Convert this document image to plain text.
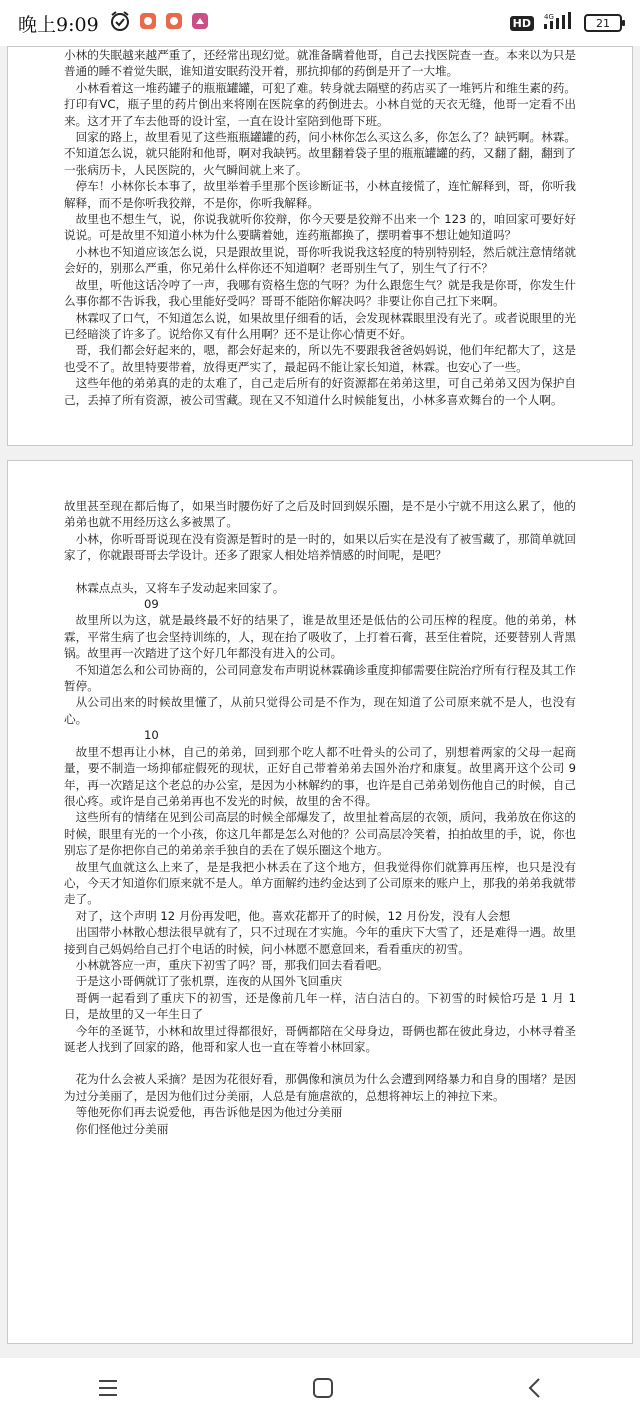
晚上9:09	HD	4G	21

小林的失眠越来越严重了，还经常出现幻觉。就准备瞒着他哥，自己去找医院查一查。本来以为只是普通的睡不着觉失眠，谁知道安眠药没开着，那抗抑郁的药倒是开了一大堆。

小林看着这一堆药罐子的瓶瓶罐罐，可犯了难。转身就去隔壁的药店买了一堆钙片和维生素的药。打印有VC，瓶子里的药片倒出来将刚在医院拿的药倒进去。小林自觉的天衣无缝，他哥一定看不出来。这才开了车去他哥的设计室，一直在设计室陪到他哥下班。

回家的路上，故里看见了这些瓶瓶罐罐的药，问小林你怎么买这么多，你怎么了？缺钙啊。林霖。不知道怎么说，就只能附和他哥，啊对我缺钙。故里翻着袋子里的瓶瓶罐罐的药，又翻了翻，翻到了一张病历卡，人民医院的，火气瞬间就上来了。

停车！小林你长本事了，故里举着手里那个医诊断证书，小林直接慌了，连忙解释到，哥，你听我解释，而不是你听我狡辩，不是你，你听我解释。

故里也不想生气，说，你说我就听你狡辩，你今天要是狡辩不出来一个 123 的，咱回家可要好好说说。可是故里不知道小林为什么要瞒着她，连药瓶都换了，摆明着事不想让她知道吗？

小林也不知道应该怎么说，只是跟故里说，哥你听我说我这轻度的特别特别轻，然后就注意情绪就会好的，别那么严重，你兄弟什么样你还不知道啊？老哥别生气了，别生气了行不？

故里，听他这话冷哼了一声，我哪有资格生您的气呀？为什么跟您生气？就是我是你哥，你发生什么事你都不告诉我，我心里能好受吗？哥哥不能陪你解决吗？非要让你自己扛下来啊。

林霖叹了口气，不知道怎么说，如果故里仔细看的话，会发现林霖眼里没有光了。或者说眼里的光已经暗淡了许多了。说给你又有什么用啊？还不是让你心情更不好。

哥，我们都会好起来的，嗯，都会好起来的，所以先不要跟我爸爸妈妈说，他们年纪都大了，这是也受不了。故里特要带着，放得更严实了，最起码不能让家长知道，林霖。也安心了一些。

这些年他的弟弟真的走的太难了，自己走后所有的好资源都在弟弟这里，可自己弟弟又因为保护自己，丢掉了所有资源，被公司雪藏。现在又不知道什么时候能复出，小林多喜欢舞台的一个人啊。

故里甚至现在都后悔了，如果当时腰伤好了之后及时回到娱乐圈，是不是小宁就不用这么累了，他的弟弟也就不用经历这么多被黑了。

小林，你听哥哥说现在没有资源是暂时的是一时的，如果以后实在是没有了被雪藏了，那简单就回家了，你就跟哥哥去学设计。还多了跟家人相处培养情感的时间呢，是吧？

林霖点点头，又将车子发动起来回家了。

09

故里所以为这，就是最终最不好的结果了，谁是故里还是低估的公司压榨的程度。他的弟弟，林霖，平常生病了也会坚持训练的，人，现在抬了吸收了，上打着石膏，甚至住着院，还要替别人背黑锅。故里再一次踏进了这个好几年都没有进入的公司。

不知道怎么和公司协商的，公司同意发布声明说林霖确诊重度抑郁需要住院治疗所有行程及其工作暂停。

从公司出来的时候故里懂了，从前只觉得公司是不作为，现在知道了公司原来就不是人，也没有心。

10

故里不想再让小林，自己的弟弟，回到那个吃人都不吐骨头的公司了，别想着两家的父母一起商量，要不制造一场抑郁症假死的现状，正好自己带着弟弟去国外治疗和康复。故里离开这个公司 9 年，再一次踏足这个老总的办公室，是因为小林解约的事，也许是自己弟弟划伤他自己的时候，自己很心疼。或许是自己弟弟再也不发光的时候，故里的舍不得。

这些所有的情绪在见到公司高层的时候全部爆发了，故里扯着高层的衣领，质问，我弟放在你这的时候，眼里有光的一个小孩，你这几年都是怎么对他的？公司高层冷笑着，拍拍故里的手，说，你也别忘了是你把你自己的弟弟亲手独自的丢在了娱乐圈这个地方。

故里气血就这么上来了，是是我把小林丢在了这个地方，但我觉得你们就算再压榨，也只是没有心，今天才知道你们原来就不是人。单方面解约违约金达到了公司原来的账户上，那我的弟弟我就带走了。

对了，这个声明 12 月份再发吧，他。喜欢花都开了的时候，12 月份发，没有人会想

出国带小林散心想法很早就有了，只不过现在才实施。今年的重庆下大雪了，还是难得一遇。故里接到自己妈妈给自己打个电话的时候，问小林愿不愿意回来，看看重庆的初雪。

小林就答应一声，重庆下初雪了吗？哥，那我们回去看看吧。

于是这小哥俩就订了张机票，连夜的从国外飞回重庆

哥俩一起看到了重庆下的初雪，还是像前几年一样，洁白洁白的。下初雪的时候恰巧是 1 月 1 日，是故里的又一年生日了

今年的圣诞节，小林和故里过得都很好，哥俩都陪在父母身边，哥俩也都在彼此身边，小林寻着圣诞老人找到了回家的路，他哥和家人也一直在等着小林回家。

花为什么会被人采摘？是因为花很好看，那偶像和演员为什么会遭到网络暴力和自身的围堵？是因为过分美丽了，是因为他们过分美丽，人总是有施虐欲的，总想将神坛上的神拉下来。

等他死你们再去说爱他，再告诉他是因为他过分美丽

你们怪他过分美丽
